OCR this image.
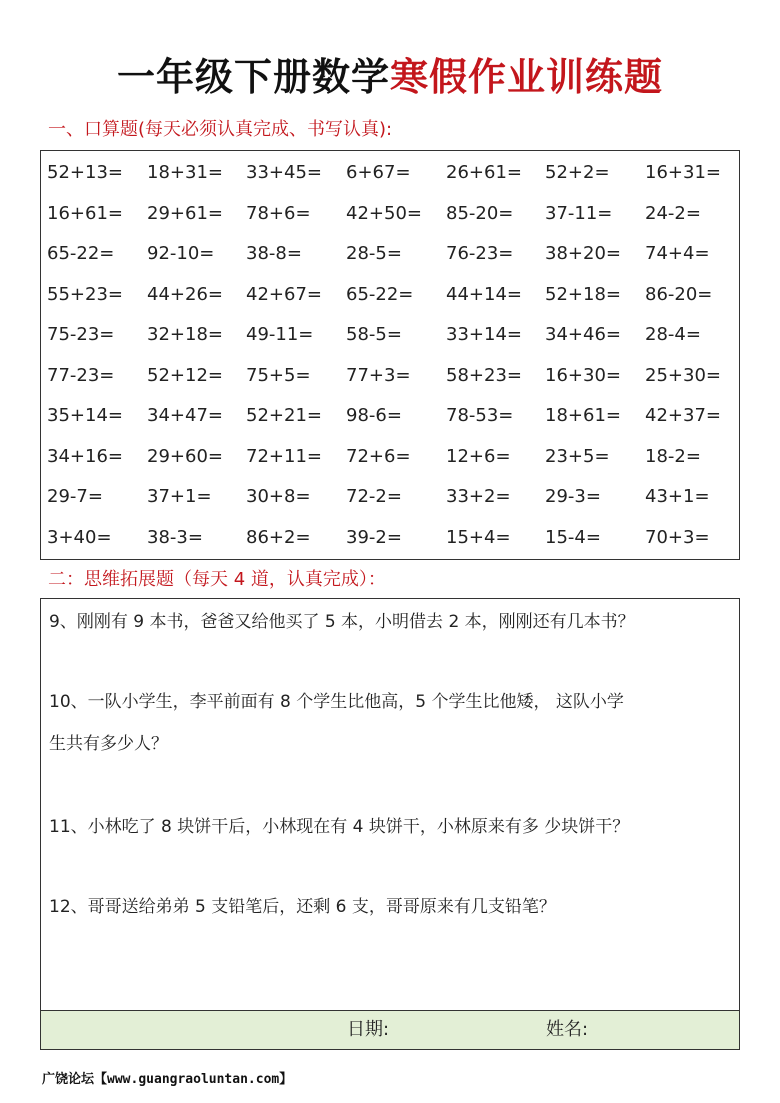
一年级下册数学寒假作业训练题
一、口算题(每天必须认真完成、书写认真):
52+13= 18+31= 33+45= 6+67= 26+61= 52+2= 16+31=
16+61= 29+61= 78+6= 42+50= 85-20= 37-11= 24-2=
65-22= 92-10= 38-8= 28-5= 76-23= 38+20= 74+4=
55+23= 44+26= 42+67= 65-22= 44+14= 52+18= 86-20=
75-23= 32+18= 49-11= 58-5= 33+14= 34+46= 28-4=
77-23= 52+12= 75+5= 77+3= 58+23= 16+30= 25+30=
35+14= 34+47= 52+21= 98-6= 78-53= 18+61= 42+37=
34+16= 29+60= 72+11= 72+6= 12+6= 23+5= 18-2=
29-7= 37+1= 30+8= 72-2= 33+2= 29-3= 43+1=
3+40= 38-3= 86+2= 39-2= 15+4= 15-4= 70+3=
二：思维拓展题（每天 4 道，认真完成）：
9、刚刚有 9 本书，爸爸又给他买了 5 本，小明借去 2 本，刚刚还有几本书？
10、一队小学生，李平前面有 8 个学生比他高，5 个学生比他矮， 这队小学
生共有多少人？
11、小林吃了 8 块饼干后，小林现在有 4 块饼干，小林原来有多 少块饼干？
12、哥哥送给弟弟 5 支铅笔后，还剩 6 支，哥哥原来有几支铅笔？
日期:	姓名:
广饶论坛【www.guangraoluntan.com】
